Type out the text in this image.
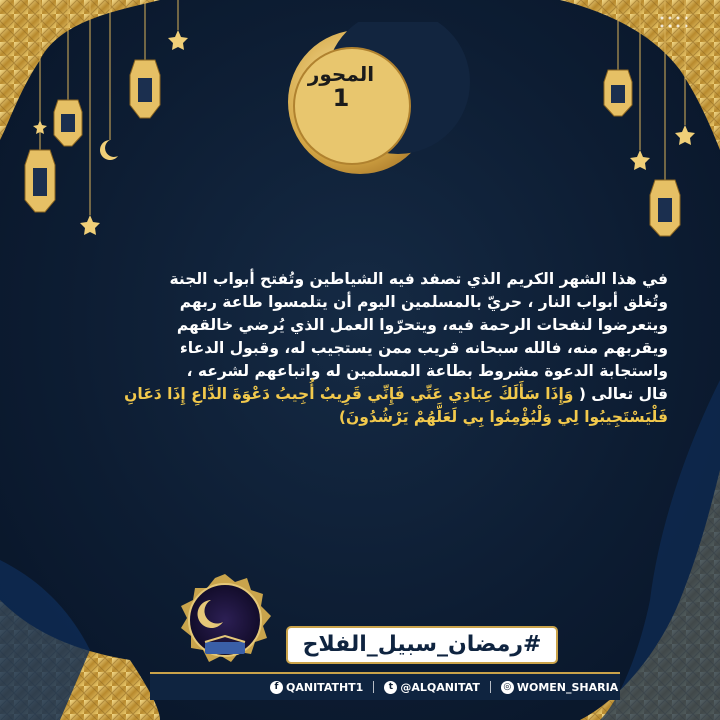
المحور
1

في هذا الشهر الكريم الذي تصفد فيه الشياطين وتُفتح أبواب الجنة

وتُغلق أبواب النار ، حريّ بالمسلمين اليوم أن يتلمسوا طاعة ربهم

ويتعرضوا لنفحات الرحمة فيه، ويتحرّوا العمل الذي يُرضي خالقهم

ويقربهم منه، فالله سبحانه قريب ممن يستجيب له، وقبول الدعاء

واستجابة الدعوة مشروط بطاعة المسلمين له واتباعهم لشرعه ،

قال تعالى ( وَإِذَا سَأَلَكَ عِبَادِي عَنِّي فَإِنِّي قَرِيبٌ أُجِيبُ دَعْوَةَ الدَّاعِ إِذَا دَعَانِ

فَلْيَسْتَجِيبُوا لِي وَلْيُؤْمِنُوا بِي لَعَلَّهُمْ يَرْشُدُونَ)

#رمضان_سبيل_الفلاح
f QANITATHT1	t @ALQANITAT	◎ WOMEN_SHARIA
